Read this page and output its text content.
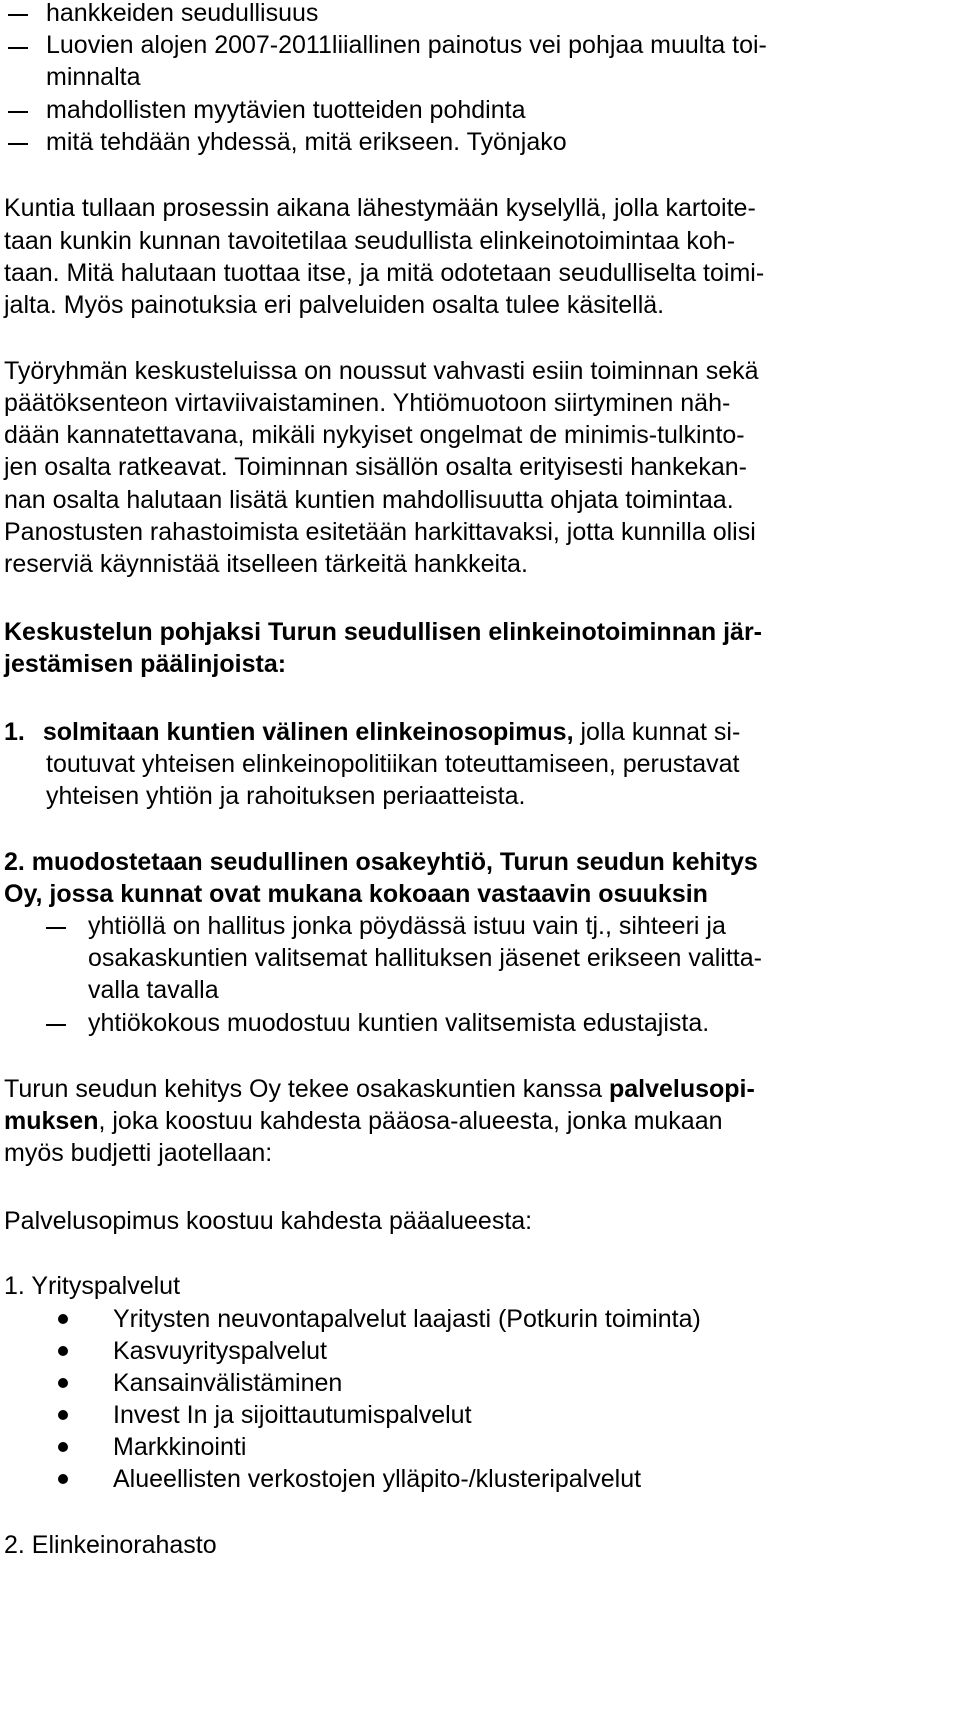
hankkeiden seudullisuus

Luovien alojen 2007-2011liiallinen painotus vei pohjaa muulta toi-

minnalta

mahdollisten myytävien tuotteiden pohdinta

mitä tehdään yhdessä, mitä erikseen. Työnjako

Kuntia tullaan prosessin aikana lähestymään kyselyllä, jolla kartoite-

taan kunkin kunnan tavoitetilaa seudullista elinkeinotoimintaa koh-

taan. Mitä halutaan tuottaa itse, ja mitä odotetaan seudulliselta toimi-

jalta. Myös painotuksia eri palveluiden osalta tulee käsitellä.

Työryhmän keskusteluissa on noussut vahvasti esiin toiminnan sekä

päätöksenteon virtaviivaistaminen. Yhtiömuotoon siirtyminen näh-

dään kannatettavana, mikäli nykyiset ongelmat de minimis-tulkinto-

jen osalta ratkeavat. Toiminnan sisällön osalta erityisesti hankekan-

nan osalta halutaan lisätä kuntien mahdollisuutta ohjata toimintaa.

Panostusten rahastoimista esitetään harkittavaksi, jotta kunnilla olisi

reserviä käynnistää itselleen tärkeitä hankkeita.

Keskustelun pohjaksi Turun seudullisen elinkeinotoiminnan jär-

jestämisen päälinjoista:

1. solmitaan kuntien välinen elinkeinosopimus, jolla kunnat si-

toutuvat yhteisen elinkeinopolitiikan toteuttamiseen, perustavat

yhteisen yhtiön ja rahoituksen periaatteista.

2. muodostetaan seudullinen osakeyhtiö, Turun seudun kehitys

Oy, jossa kunnat ovat mukana kokoaan vastaavin osuuksin

yhtiöllä on hallitus jonka pöydässä istuu vain tj., sihteeri ja

osakaskuntien valitsemat hallituksen jäsenet erikseen valitta-

valla tavalla

yhtiökokous muodostuu kuntien valitsemista edustajista.

Turun seudun kehitys Oy tekee osakaskuntien kanssa palvelusopi-

muksen, joka koostuu kahdesta pääosa-alueesta, jonka mukaan

myös budjetti jaotellaan:

Palvelusopimus koostuu kahdesta pääalueesta:

1. Yrityspalvelut

Yritysten neuvontapalvelut laajasti (Potkurin toiminta)

Kasvuyrityspalvelut

Kansainvälistäminen

Invest In ja sijoittautumispalvelut

Markkinointi

Alueellisten verkostojen ylläpito-/klusteripalvelut

2. Elinkeinorahasto
